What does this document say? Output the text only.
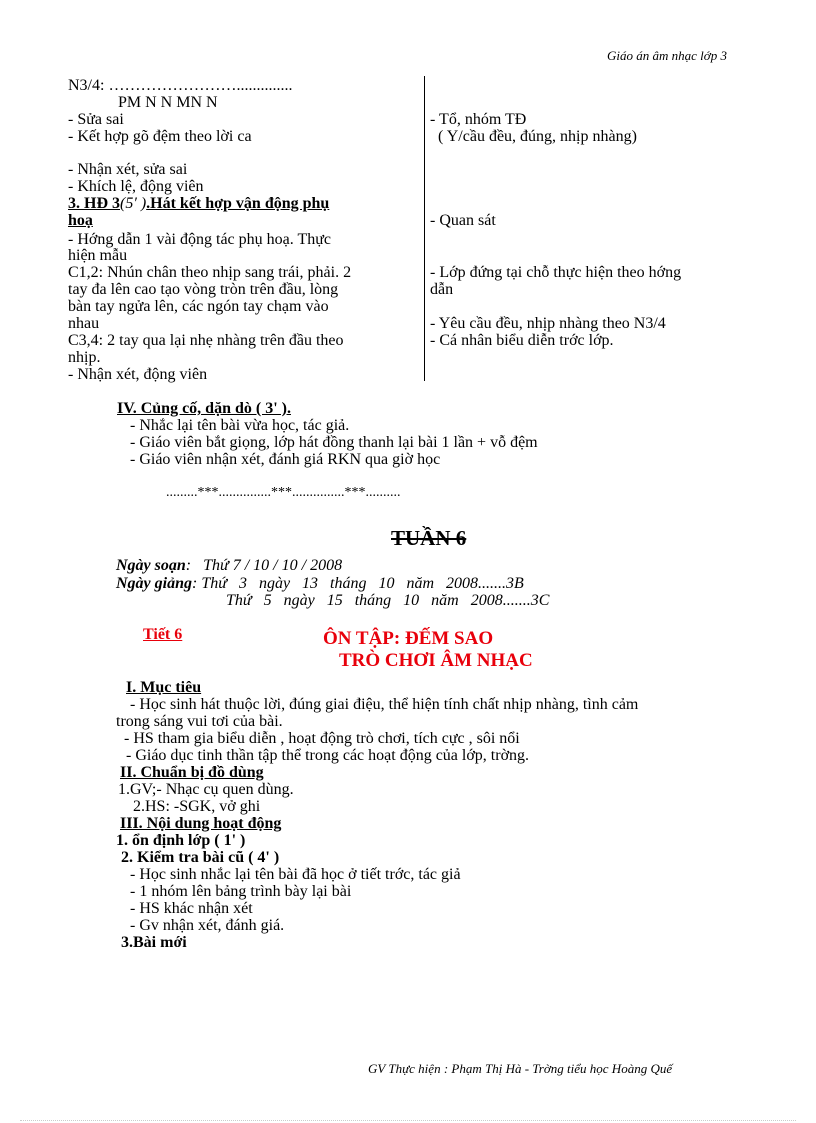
Giáo án âm nhạc lớp 3
N3/4: ……………………..............
PM N N MN N
- Sửa sai
- Kết hợp gõ đệm theo lời ca
- Nhận xét, sửa sai
- Khích lệ, động viên
3. HĐ 3(5′ ).Hát kết hợp vận động phụ
hoạ
- Hớng dẫn 1 vài động tác phụ hoạ. Thực
hiện mẫu
C1,2: Nhún chân theo nhịp sang trái, phải. 2
tay đa lên cao tạo vòng tròn trên đầu, lòng
bàn tay ngửa lên, các ngón tay chạm vào
nhau
C3,4: 2 tay qua lại nhẹ nhàng trên đầu theo
nhịp.
- Nhận xét, động viên
- Tổ, nhóm TĐ
( Y/cầu đều, đúng, nhịp nhàng)
- Quan sát
- Lớp đứng tại chỗ thực hiện theo hớng
dẫn
- Yêu cầu đều, nhịp nhàng theo N3/4
- Cá nhân biểu diễn trớc lớp.
IV. Củng cố, dặn dò ( 3' ).
- Nhắc lại tên bài vừa học, tác giả.
- Giáo viên bắt giọng, lớp hát đồng thanh lại bài 1 lần + vỗ đệm
- Giáo viên nhận xét, đánh giá RKN qua giờ học
.........***...............***...............***..........
TUẦN 6
Ngày soạn:   Thứ 7 / 10 / 10 / 2008
Ngày giảng: Thứ   3   ngày   13   tháng   10   năm   2008.......3B
Thứ   5   ngày   15   tháng   10   năm   2008.......3C
Tiết 6	ÔN TẬP: ĐẾM SAO
TRÒ CHƠI ÂM NHẠC
I. Mục tiêu
- Học sinh hát thuộc lời, đúng giai điệu, thể hiện tính chất nhịp nhàng, tình cảm
trong sáng vui tơi của bài.
- HS tham gia biểu diễn , hoạt động trò chơi, tích cực , sôi nổi
- Giáo dục tinh thần tập thể trong các hoạt động của lớp, trờng.
II. Chuẩn bị đồ dùng
1.GV;- Nhạc cụ quen dùng.
2.HS: -SGK, vở ghi
III. Nội dung hoạt động
1. ổn định lớp ( 1' )
2. Kiểm tra bài cũ ( 4' )
- Học sinh nhắc lại tên bài đã học ở tiết trớc, tác giả
- 1 nhóm lên bảng trình bày lại bài
- HS khác nhận xét
- Gv nhận xét, đánh giá.
3.Bài mới
GV Thực hiện : Phạm Thị Hà - Trờng tiểu học Hoàng Quế
